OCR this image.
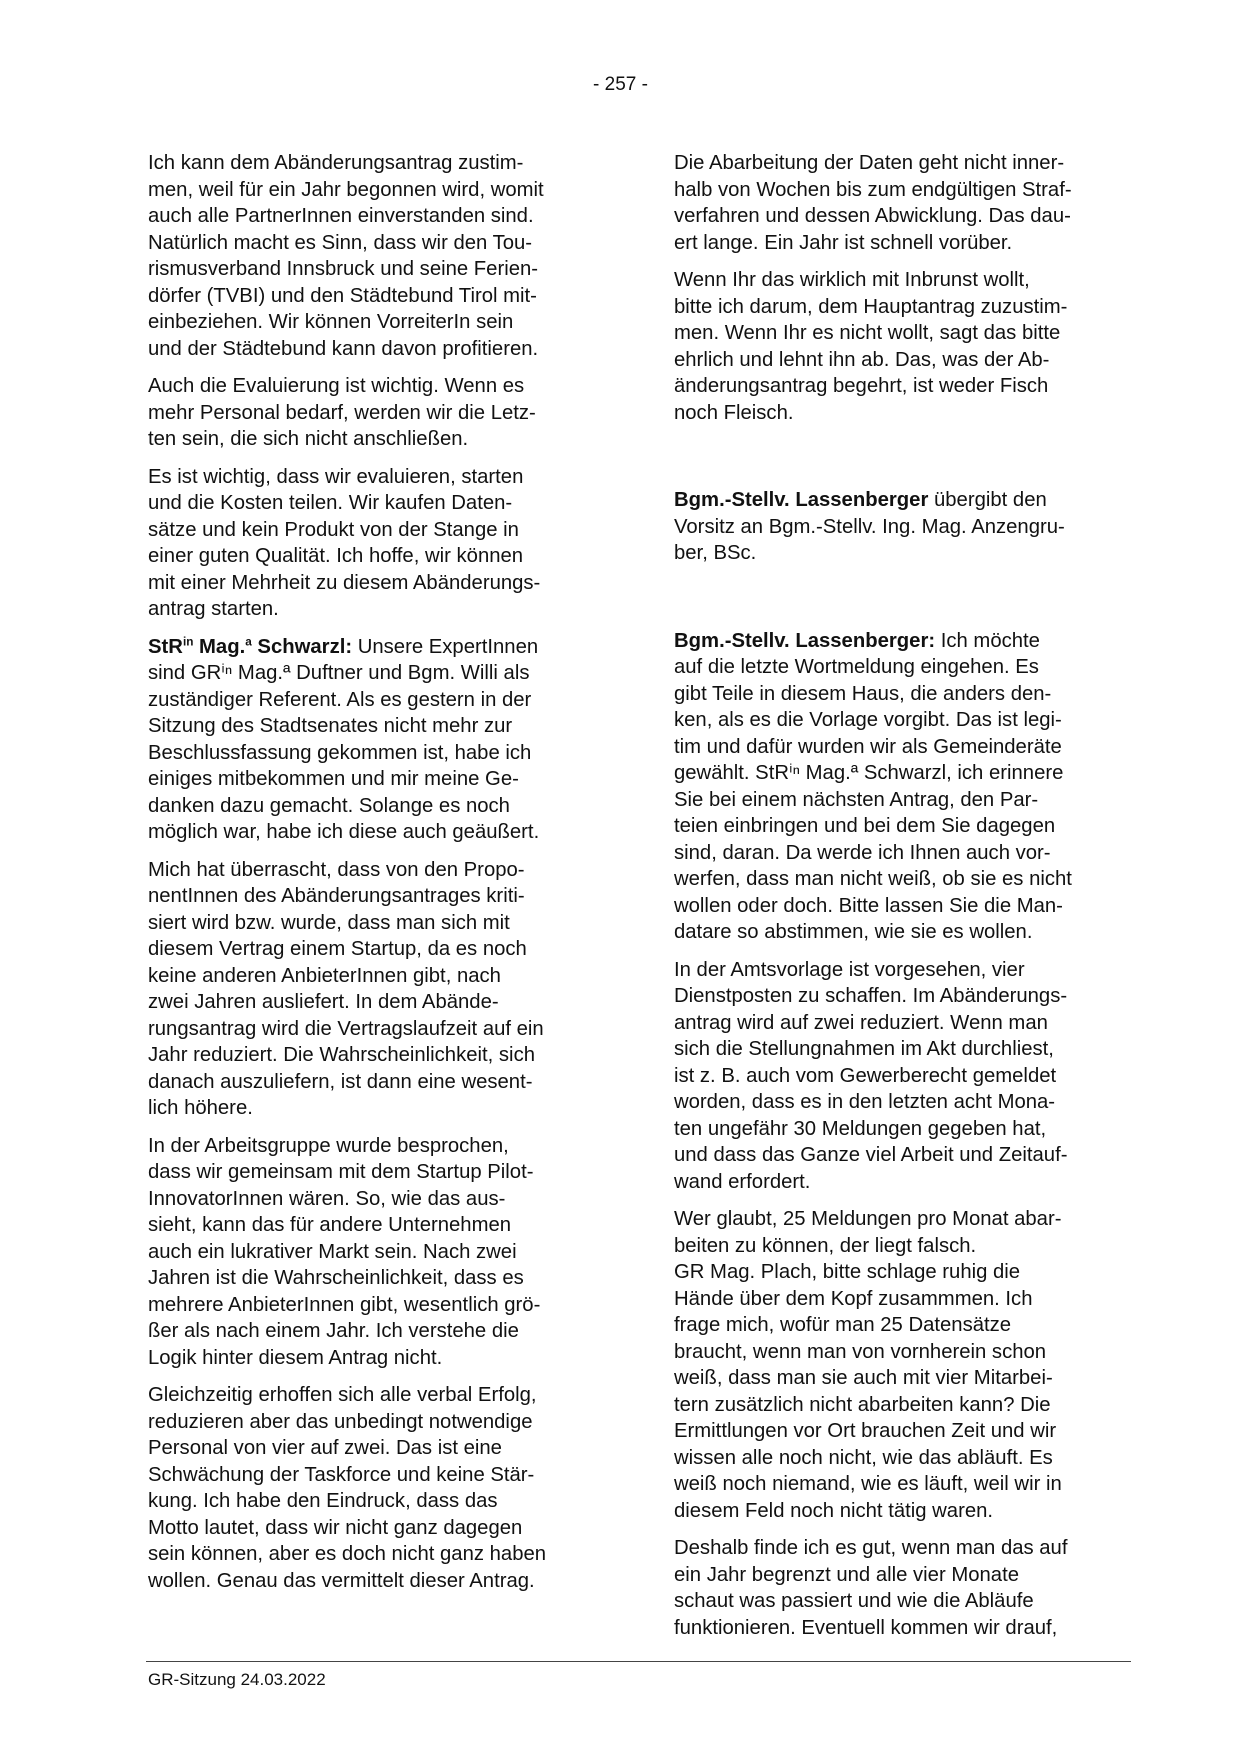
- 257 -

Ich kann dem Abänderungsantrag zustim-
men, weil für ein Jahr begonnen wird, womit
auch alle PartnerInnen einverstanden sind.
Natürlich macht es Sinn, dass wir den Tou-
rismusverband Innsbruck und seine Ferien-
dörfer (TVBI) und den Städtebund Tirol mit-
einbeziehen. Wir können VorreiterIn sein
und der Städtebund kann davon profitieren.

Auch die Evaluierung ist wichtig. Wenn es
mehr Personal bedarf, werden wir die Letz-
ten sein, die sich nicht anschließen.

Es ist wichtig, dass wir evaluieren, starten
und die Kosten teilen. Wir kaufen Daten-
sätze und kein Produkt von der Stange in
einer guten Qualität. Ich hoffe, wir können
mit einer Mehrheit zu diesem Abänderungs-
antrag starten.

StR$^{in}$ Mag.$^a$ Schwarzl: Unsere ExpertInnen
sind GRⁱⁿ Mag.ª Duftner und Bgm. Willi als
zuständiger Referent. Als es gestern in der
Sitzung des Stadtsenates nicht mehr zur
Beschlussfassung gekommen ist, habe ich
einiges mitbekommen und mir meine Ge-
danken dazu gemacht. Solange es noch
möglich war, habe ich diese auch geäußert.

Mich hat überrascht, dass von den Propo-
nentInnen des Abänderungsantrages kriti-
siert wird bzw. wurde, dass man sich mit
diesem Vertrag einem Startup, da es noch
keine anderen AnbieterInnen gibt, nach
zwei Jahren ausliefert. In dem Abände-
rungsantrag wird die Vertragslaufzeit auf ein
Jahr reduziert. Die Wahrscheinlichkeit, sich
danach auszuliefern, ist dann eine wesent-
lich höhere.

In der Arbeitsgruppe wurde besprochen,
dass wir gemeinsam mit dem Startup Pilot-
InnovatorInnen wären. So, wie das aus-
sieht, kann das für andere Unternehmen
auch ein lukrativer Markt sein. Nach zwei
Jahren ist die Wahrscheinlichkeit, dass es
mehrere AnbieterInnen gibt, wesentlich grö-
ßer als nach einem Jahr. Ich verstehe die
Logik hinter diesem Antrag nicht.

Gleichzeitig erhoffen sich alle verbal Erfolg,
reduzieren aber das unbedingt notwendige
Personal von vier auf zwei. Das ist eine
Schwächung der Taskforce und keine Stär-
kung. Ich habe den Eindruck, dass das
Motto lautet, dass wir nicht ganz dagegen
sein können, aber es doch nicht ganz haben
wollen. Genau das vermittelt dieser Antrag.

Die Abarbeitung der Daten geht nicht inner-
halb von Wochen bis zum endgültigen Straf-
verfahren und dessen Abwicklung. Das dau-
ert lange. Ein Jahr ist schnell vorüber.

Wenn Ihr das wirklich mit Inbrunst wollt,
bitte ich darum, dem Hauptantrag zuzustim-
men. Wenn Ihr es nicht wollt, sagt das bitte
ehrlich und lehnt ihn ab. Das, was der Ab-
änderungsantrag begehrt, ist weder Fisch
noch Fleisch.

Bgm.-Stellv. Lassenberger übergibt den
Vorsitz an Bgm.-Stellv. Ing. Mag. Anzengru-
ber, BSc.

Bgm.-Stellv. Lassenberger: Ich möchte
auf die letzte Wortmeldung eingehen. Es
gibt Teile in diesem Haus, die anders den-
ken, als es die Vorlage vorgibt. Das ist legi-
tim und dafür wurden wir als Gemeinderäte
gewählt. StRⁱⁿ Mag.ª Schwarzl, ich erinnere
Sie bei einem nächsten Antrag, den Par-
teien einbringen und bei dem Sie dagegen
sind, daran. Da werde ich Ihnen auch vor-
werfen, dass man nicht weiß, ob sie es nicht
wollen oder doch. Bitte lassen Sie die Man-
datare so abstimmen, wie sie es wollen.

In der Amtsvorlage ist vorgesehen, vier
Dienstposten zu schaffen. Im Abänderungs-
antrag wird auf zwei reduziert. Wenn man
sich die Stellungnahmen im Akt durchliest,
ist z. B. auch vom Gewerberecht gemeldet
worden, dass es in den letzten acht Mona-
ten ungefähr 30 Meldungen gegeben hat,
und dass das Ganze viel Arbeit und Zeitauf-
wand erfordert.

Wer glaubt, 25 Meldungen pro Monat abar-
beiten zu können, der liegt falsch.
GR Mag. Plach, bitte schlage ruhig die
Hände über dem Kopf zusammmen. Ich
frage mich, wofür man 25 Datensätze
braucht, wenn man von vornherein schon
weiß, dass man sie auch mit vier Mitarbei-
tern zusätzlich nicht abarbeiten kann? Die
Ermittlungen vor Ort brauchen Zeit und wir
wissen alle noch nicht, wie das abläuft. Es
weiß noch niemand, wie es läuft, weil wir in
diesem Feld noch nicht tätig waren.

Deshalb finde ich es gut, wenn man das auf
ein Jahr begrenzt und alle vier Monate
schaut was passiert und wie die Abläufe
funktionieren. Eventuell kommen wir drauf,

GR-Sitzung 24.03.2022
